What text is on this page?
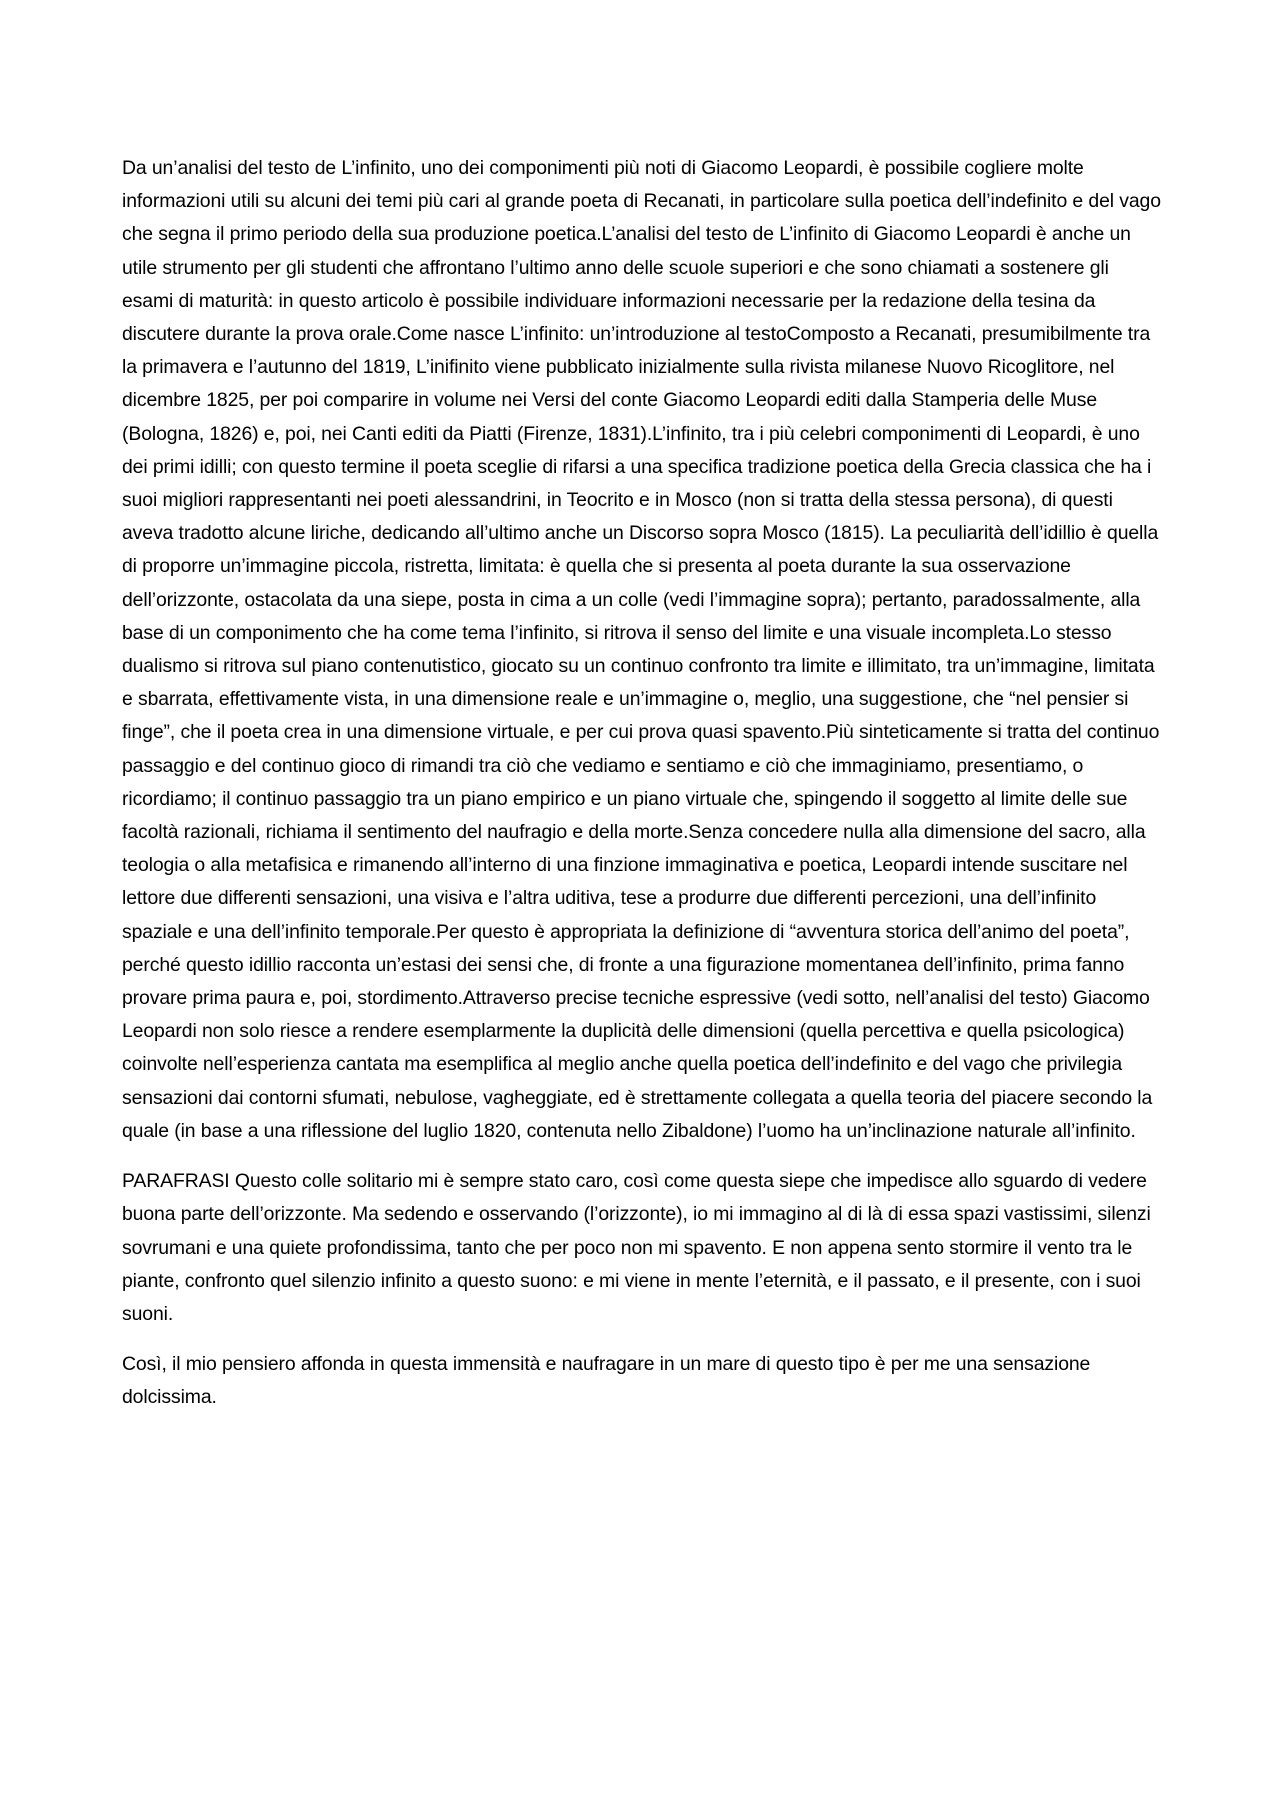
Da un’analisi del testo de L’infinito, uno dei componimenti più noti di Giacomo Leopardi, è possibile cogliere molte informazioni utili su alcuni dei temi più cari al grande poeta di Recanati, in particolare sulla poetica dell’indefinito e del vago che segna il primo periodo della sua produzione poetica.L’analisi del testo de L’infinito di Giacomo Leopardi è anche un utile strumento per gli studenti che affrontano l’ultimo anno delle scuole superiori e che sono chiamati a sostenere gli esami di maturità: in questo articolo è possibile individuare informazioni necessarie per la redazione della tesina da discutere durante la prova orale.Come nasce L’infinito: un’introduzione al testoComposto a Recanati, presumibilmente tra la primavera e l’autunno del 1819, L’inifinito viene pubblicato inizialmente sulla rivista milanese Nuovo Ricoglitore, nel dicembre 1825, per poi comparire in volume nei Versi del conte Giacomo Leopardi editi dalla Stamperia delle Muse (Bologna, 1826) e, poi, nei Canti editi da Piatti (Firenze, 1831).L’infinito, tra i più celebri componimenti di Leopardi, è uno dei primi idilli; con questo termine il poeta sceglie di rifarsi a una specifica tradizione poetica della Grecia classica che ha i suoi migliori rappresentanti nei poeti alessandrini, in Teocrito e in Mosco (non si tratta della stessa persona), di questi aveva tradotto alcune liriche, dedicando all’ultimo anche un Discorso sopra Mosco (1815). La peculiarità dell’idillio è quella di proporre un’immagine piccola, ristretta, limitata: è quella che si presenta al poeta durante la sua osservazione dell’orizzonte, ostacolata da una siepe, posta in cima a un colle (vedi l’immagine sopra); pertanto, paradossalmente, alla base di un componimento che ha come tema l’infinito, si ritrova il senso del limite e una visuale incompleta.Lo stesso dualismo si ritrova sul piano contenutistico, giocato su un continuo confronto tra limite e illimitato, tra un’immagine, limitata e sbarrata, effettivamente vista, in una dimensione reale e un’immagine o, meglio, una suggestione, che “nel pensier si finge”, che il poeta crea in una dimensione virtuale, e per cui prova quasi spavento.Più sinteticamente si tratta del continuo passaggio e del continuo gioco di rimandi tra ciò che vediamo e sentiamo e ciò che immaginiamo, presentiamo, o ricordiamo; il continuo passaggio tra un piano empirico e un piano virtuale che, spingendo il soggetto al limite delle sue facoltà razionali, richiama il sentimento del naufragio e della morte.Senza concedere nulla alla dimensione del sacro, alla teologia o alla metafisica e rimanendo all’interno di una finzione immaginativa e poetica, Leopardi intende suscitare nel lettore due differenti sensazioni, una visiva e l’altra uditiva, tese a produrre due differenti percezioni, una dell’infinito spaziale e una dell’infinito temporale.Per questo è appropriata la definizione di “avventura storica dell’animo del poeta”, perché questo idillio racconta un’estasi dei sensi che, di fronte a una figurazione momentanea dell’infinito, prima fanno provare prima paura e, poi, stordimento.Attraverso precise tecniche espressive (vedi sotto, nell’analisi del testo) Giacomo Leopardi non solo riesce a rendere esemplarmente la duplicità delle dimensioni (quella percettiva e quella psicologica) coinvolte nell’esperienza cantata ma esemplifica al meglio anche quella poetica dell’indefinito e del vago che privilegia sensazioni dai contorni sfumati, nebulose, vagheggiate, ed è strettamente collegata a quella teoria del piacere secondo la quale (in base a una riflessione del luglio 1820, contenuta nello Zibaldone) l’uomo ha un’inclinazione naturale all’infinito.

PARAFRASI Questo colle solitario mi è sempre stato caro, così come questa siepe che impedisce allo sguardo di vedere buona parte dell’orizzonte. Ma sedendo e osservando (l’orizzonte), io mi immagino al di là di essa spazi vastissimi, silenzi sovrumani e una quiete profondissima, tanto che per poco non mi spavento. E non appena sento stormire il vento tra le piante, confronto quel silenzio infinito a questo suono: e mi viene in mente l’eternità, e il passato, e il presente, con i suoi suoni.

Così, il mio pensiero affonda in questa immensità e naufragare in un mare di questo tipo è per me una sensazione dolcissima.
